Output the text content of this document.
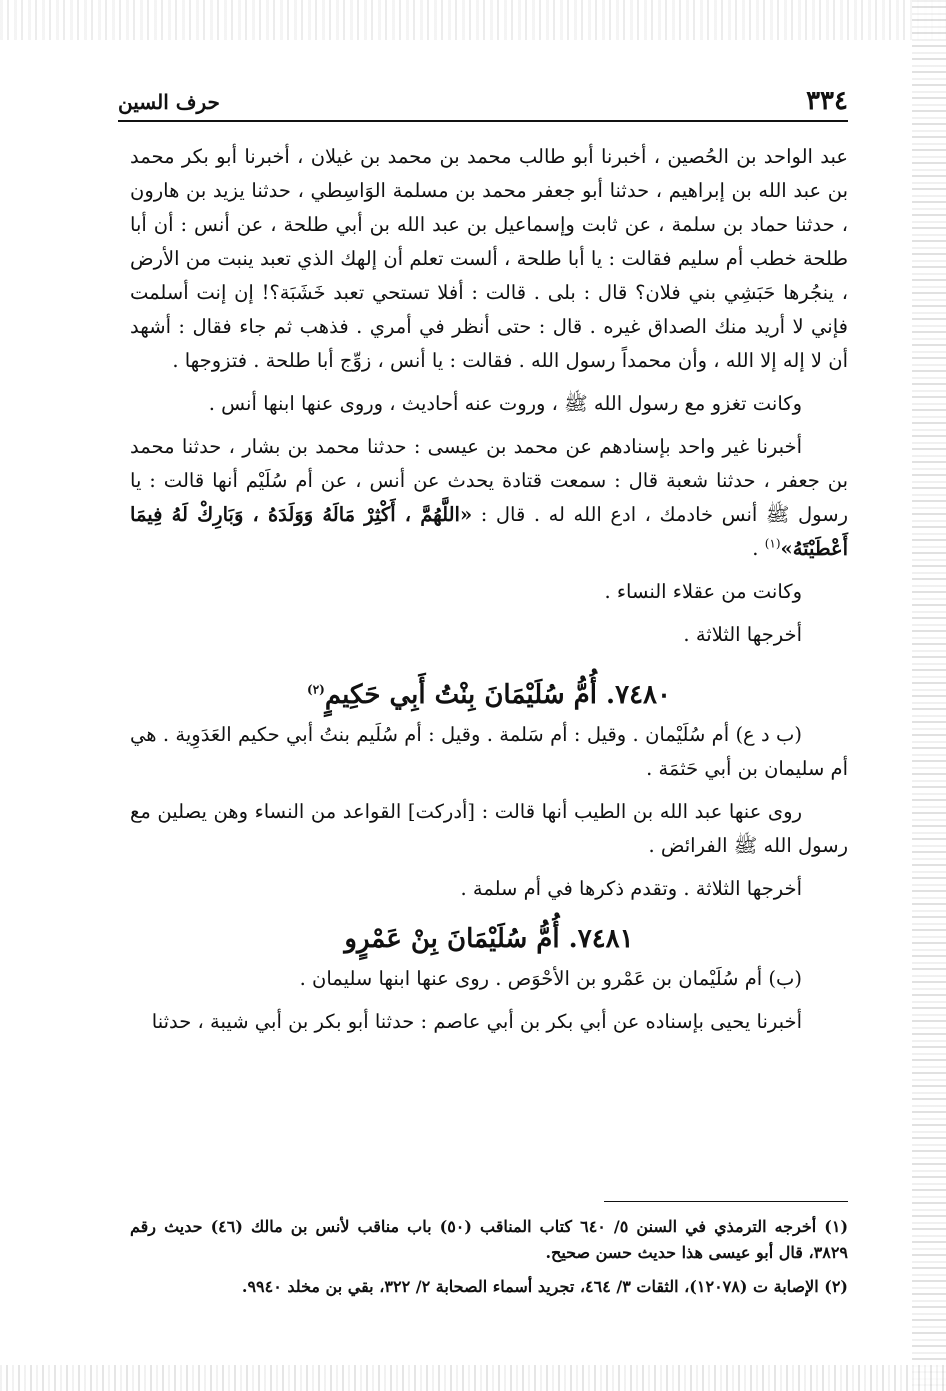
٣٣٤
حرف السين

عبد الواحد بن الحُصين ، أخبرنا أبو طالب محمد بن محمد بن غيلان ، أخبرنا أبو بكر محمد بن عبد الله بن إبراهيم ، حدثنا أبو جعفر محمد بن مسلمة الوَاسِطي ، حدثنا يزيد بن هارون ، حدثنا حماد بن سلمة ، عن ثابت وإسماعيل بن عبد الله بن أبي طلحة ، عن أنس : أن أبا طلحة خطب أم سليم فقالت : يا أبا طلحة ، ألست تعلم أن إلهك الذي تعبد ينبت من الأرض ، ينجُرها حَبَشِي بني فلان؟ قال : بلى . قالت : أفلا تستحي تعبد خَشَبَة؟! إن إنت أسلمت فإني لا أريد منك الصداق غيره . قال : حتى أنظر في أمري . فذهب ثم جاء فقال : أشهد أن لا إله إلا الله ، وأن محمداً رسول الله . فقالت : يا أنس ، زوِّج أبا طلحة . فتزوجها .

وكانت تغزو مع رسول الله ﷺ ، وروت عنه أحاديث ، وروى عنها ابنها أنس .

أخبرنا غير واحد بإسنادهم عن محمد بن عيسى : حدثنا محمد بن بشار ، حدثنا محمد بن جعفر ، حدثنا شعبة قال : سمعت قتادة يحدث عن أنس ، عن أم سُلَيْم أنها قالت : يا رسول ﷺ أنس خادمك ، ادع الله له . قال : «اللَّهُمَّ ، أَكْثِرْ مَالَهُ وَوَلَدَهُ ، وَبَارِكْ لَهُ فِيمَا أَعْطَيْتَهُ»$^{(١)}$ .

وكانت من عقلاء النساء .

أخرجها الثلاثة .

٧٤٨٠. أُمُّ سُلَيْمَانَ بِنْتُ أَبِي حَكِيمٍ$^{(٢)}$

(ب د ع) أم سُلَيْمان . وقيل : أم سَلمة . وقيل : أم سُلَيم بنتُ أبي حكيم العَدَوِية . هي أم سليمان بن أبي حَثمَة .

روى عنها عبد الله بن الطيب أنها قالت : [أدركت] القواعد من النساء وهن يصلين مع رسول الله ﷺ الفرائض .

أخرجها الثلاثة . وتقدم ذكرها في أم سلمة .

٧٤٨١. أُمُّ سُلَيْمَانَ بِنْ عَمْرٍو

(ب) أم سُلَيْمان بن عَمْرو بن الأحْوَص . روى عنها ابنها سليمان .

أخبرنا يحيى بإسناده عن أبي بكر بن أبي عاصم : حدثنا أبو بكر بن أبي شيبة ، حدثنا

(١) أخرجه الترمذي في السنن ٥/ ٦٤٠ كتاب المناقب (٥٠) باب مناقب لأنس بن مالك (٤٦) حديث رقم ٣٨٢٩، قال أبو عيسى هذا حديث حسن صحيح.

(٢) الإصابة ت (١٢٠٧٨)، الثقات ٣/ ٤٦٤، تجريد أسماء الصحابة ٢/ ٣٢٢، بقي بن مخلد ٩٩٤٠.
